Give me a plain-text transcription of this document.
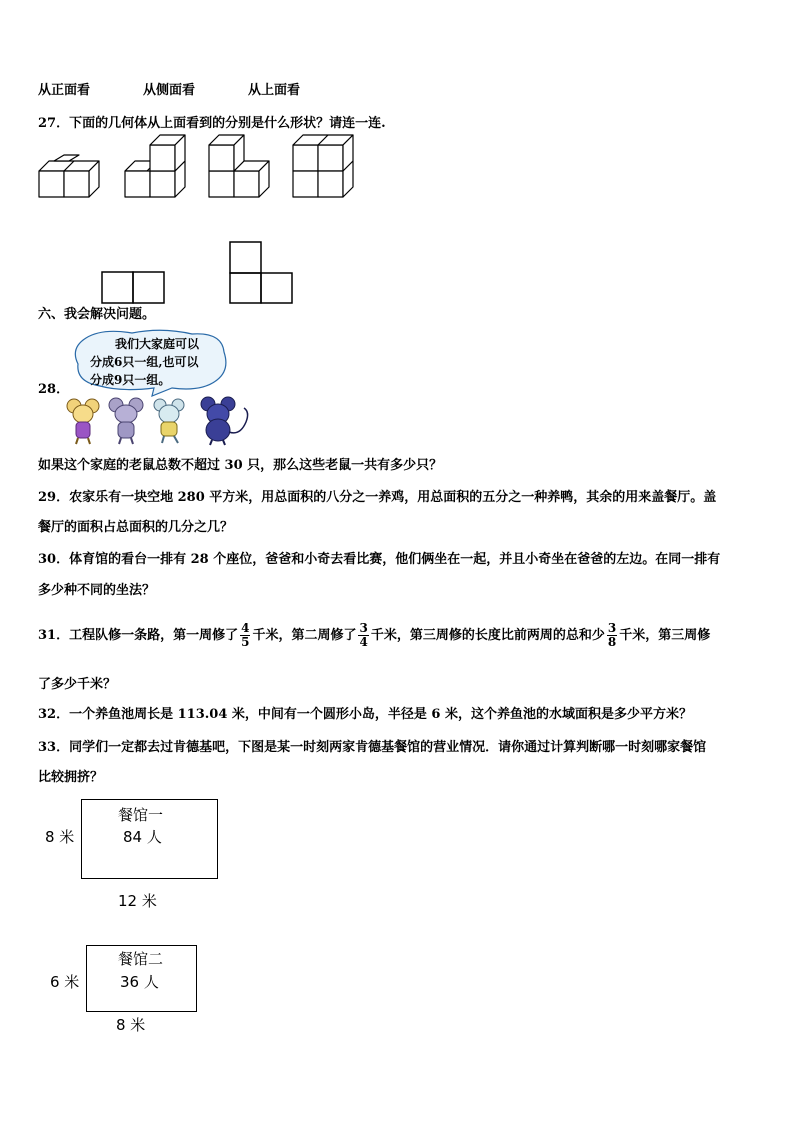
从正面看	从侧面看	从上面看
27．下面的几何体从上面看到的分别是什么形状？请连一连.
六、我会解决问题。
我们大家庭可以
分成6只一组,也可以
分成9只一组。
28．
如果这个家庭的老鼠总数不超过 30 只，那么这些老鼠一共有多少只？
29．农家乐有一块空地 280 平方米，用总面积的八分之一养鸡，用总面积的五分之一种养鸭，其余的用来盖餐厅。盖
餐厅的面积占总面积的几分之几？
30．体育馆的看台一排有 28 个座位，爸爸和小奇去看比赛，他们俩坐在一起，并且小奇坐在爸爸的左边。在同一排有
多少种不同的坐法？
31．工程队修一条路，第一周修了 $\frac{4}{5}$ 千米，第二周修了 $\frac{3}{4}$ 千米，第三周修的长度比前两周的总和少 $\frac{3}{8}$ 千米，第三周修
了多少千米？
32．一个养鱼池周长是 113.04 米，中间有一个圆形小岛，半径是 6 米，这个养鱼池的水域面积是多少平方米？
33．同学们一定都去过肯德基吧，下图是某一时刻两家肯德基餐馆的营业情况．请你通过计算判断哪一时刻哪家餐馆
比较拥挤？
餐馆一
84 人
8 米
12 米
餐馆二
36 人
6 米
8 米
